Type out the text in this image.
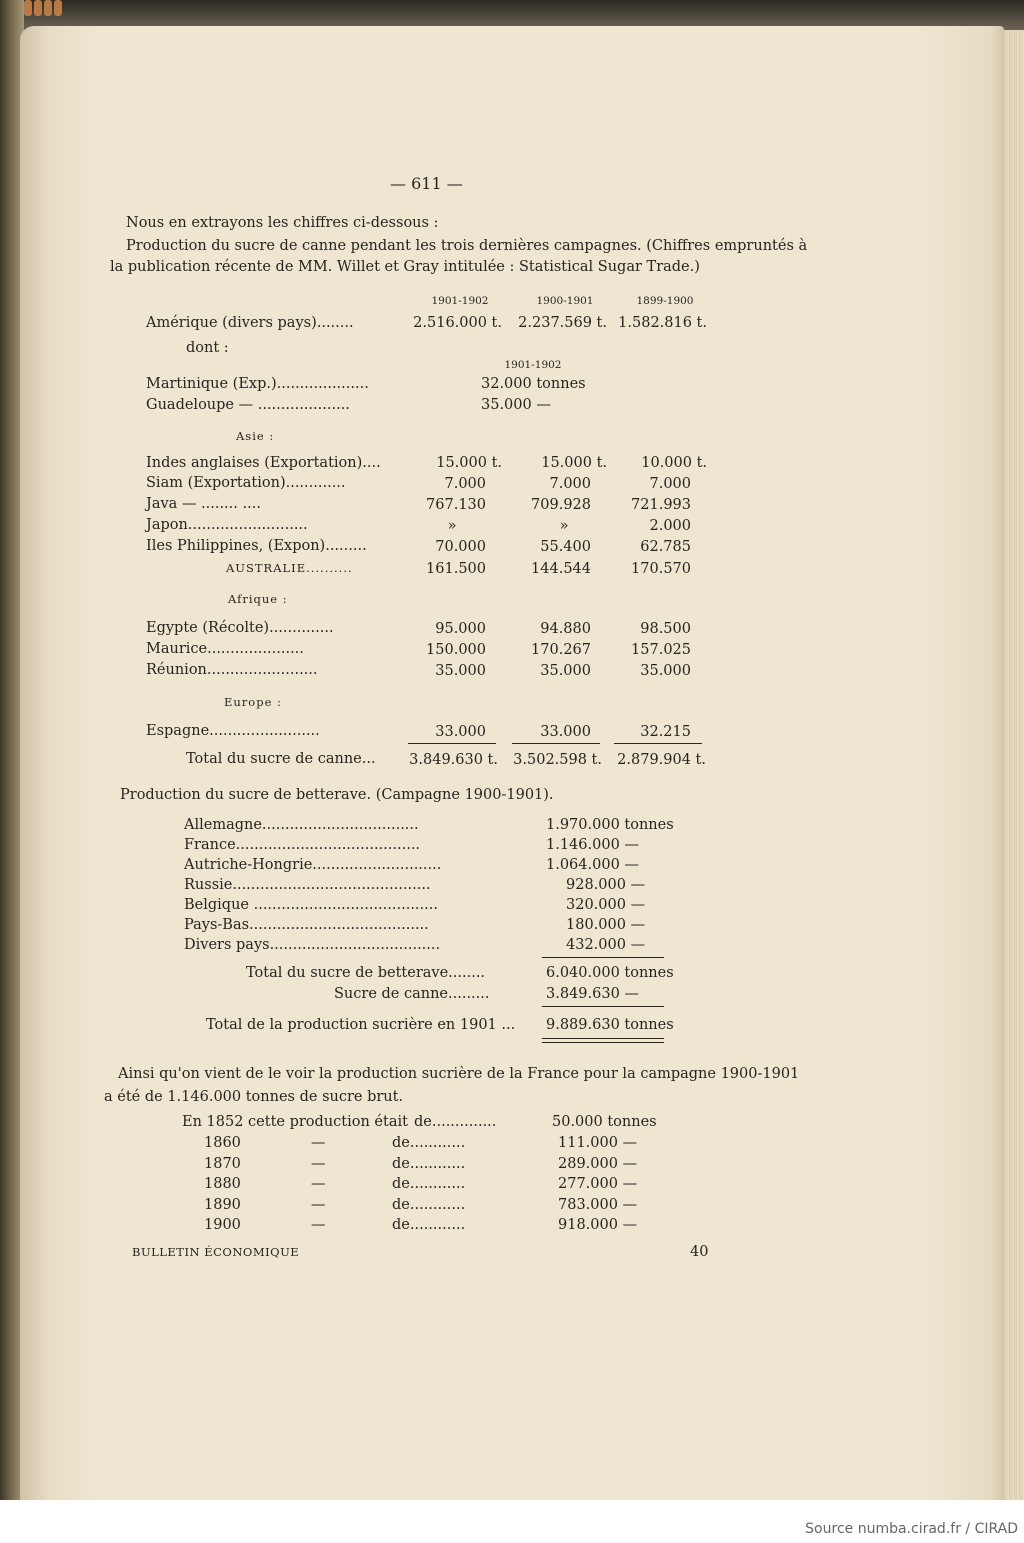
— 611 —
Nous en extrayons les chiffres ci-dessous :
Production du sucre de canne pendant les trois dernières campagnes. (Chiffres empruntés à
la publication récente de MM. Willet et Gray intitulée : Statistical Sugar Trade.)
1901-1902	1900-1901	1899-1900
Amérique (divers pays)........	2.516.000 t.	2.237.569 t. 1.582.816 t.
dont :
1901-1902
Martinique (Exp.)....................	32.000 tonnes
Guadeloupe — ....................	35.000 —
Asie :
Indes anglaises (Exportation)....	15.000 t.	15.000 t.	10.000 t.
Siam (Exportation).............	7.000	7.000	7.000
Java — ........ ....	767.130	709.928	721.993
Japon..........................	»	»	2.000
Iles Philippines, (Expon).........	70.000	55.400	62.785
AUSTRALIE..........	161.500	144.544	170.570
Afrique :
Egypte (Récolte)..............	95.000	94.880	98.500
Maurice.....................	150.000	170.267	157.025
Réunion........................	35.000	35.000	35.000
Europe :
Espagne........................	33.000	33.000	32.215
Total du sucre de canne...	3.849.630 t.	3.502.598 t.	2.879.904 t.
Production du sucre de betterave. (Campagne 1900-1901).
Allemagne..................................	1.970.000 tonnes
France........................................	1.146.000 —
Autriche-Hongrie............................	1.064.000 —
Russie...........................................	928.000 —
Belgique ........................................	320.000 —
Pays-Bas.......................................	180.000 —
Divers pays.....................................	432.000 —
Total du sucre de betterave........	6.040.000 tonnes
Sucre de canne.........	3.849.630 —
Total de la production sucrière en 1901 ... 9.889.630 tonnes
Ainsi qu'on vient de le voir la production sucrière de la France pour la campagne 1900-1901
a été de 1.146.000 tonnes de sucre brut.
En 1852 cette production était de..............	50.000 tonnes
1860	—	de............	111.000 —
1870	—	de............	289.000 —
1880	—	de............	277.000 —
1890	—	de............	783.000 —
1900	—	de............	918.000 —
BULLETIN ÉCONOMIQUE	40
Source numba.cirad.fr / CIRAD
